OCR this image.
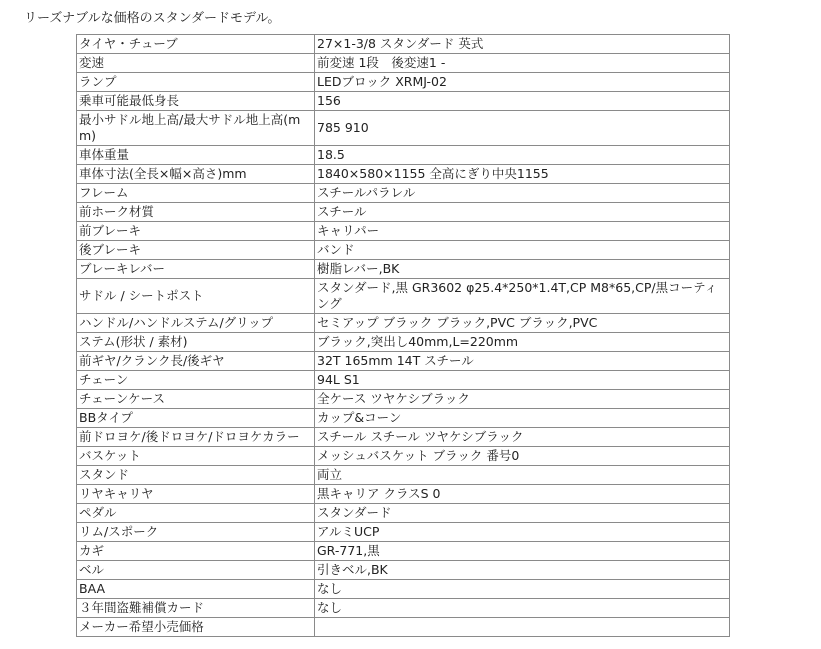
リーズナブルな価格のスタンダードモデル。
タイヤ・チューブ	27×1-3/8 スタンダード 英式
変速	前変速 1段　後変速1 -
ランプ	LEDブロック XRMJ-02
乗車可能最低身長	156
最小サドル地上高/最大サドル地上高(mm)	785 910
車体重量	18.5
車体寸法(全長×幅×高さ)mm	1840×580×1155 全高にぎり中央1155
フレーム	スチールパラレル
前ホーク材質	スチール
前ブレーキ	キャリパー
後ブレーキ	バンド
ブレーキレバー	樹脂レバー,BK
サドル / シートポスト	スタンダード,黒 GR3602 φ25.4*250*1.4T,CP M8*65,CP/黒コーティング
ハンドル/ハンドルステム/グリップ	セミアップ ブラック ブラック,PVC ブラック,PVC
ステム(形状 / 素材)	ブラック,突出し40mm,L=220mm
前ギヤ/クランク長/後ギヤ	32T 165mm 14T スチール
チェーン	94L S1
チェーンケース	全ケース ツヤケシブラック
BBタイプ	カップ&コーン
前ドロヨケ/後ドロヨケ/ドロヨケカラー	スチール スチール ツヤケシブラック
バスケット	メッシュバスケット ブラック 番号0
スタンド	両立
リヤキャリヤ	黒キャリア クラスS 0
ペダル	スタンダード
リム/スポーク	アルミUCP
カギ	GR-771,黒
ベル	引きベル,BK
BAA	なし
３年間盗難補償カード	なし
メーカー希望小売価格	
